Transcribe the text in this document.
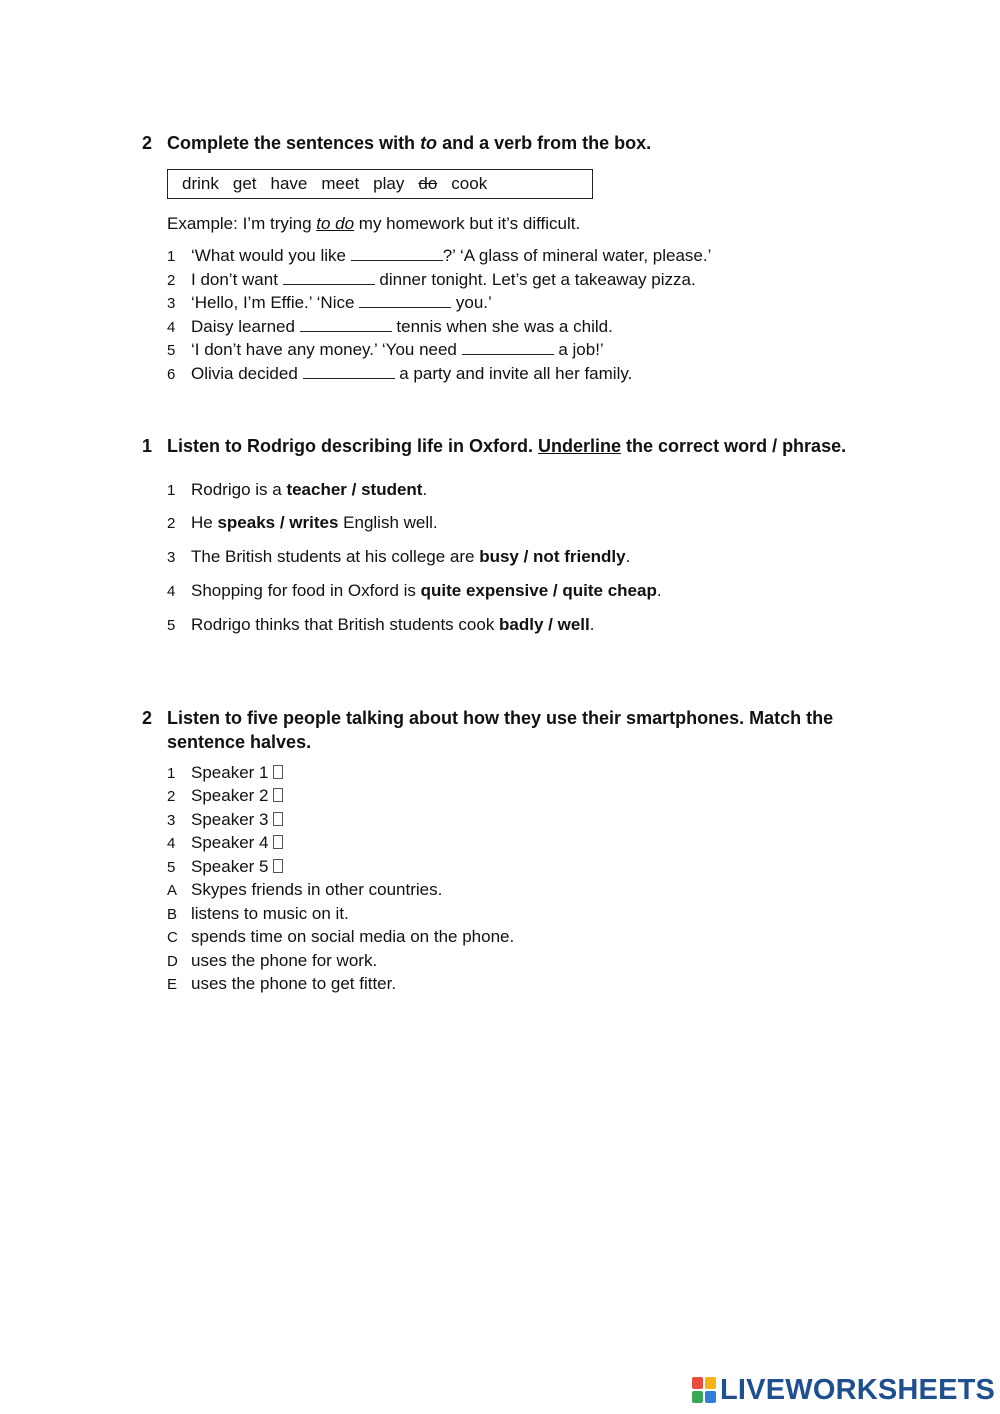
2 Complete the sentences with to and a verb from the box.
drink get have meet play do cook
Example: I’m trying to do my homework but it’s difficult.
1 ‘What would you like	?’ ‘A glass of mineral water, please.’
2 I don’t want	dinner tonight. Let’s get a takeaway pizza.
3 ‘Hello, I’m Effie.’ ‘Nice	you.’
4 Daisy learned	tennis when she was a child.
5 ‘I don’t have any money.’ ‘You need	a job!’
6 Olivia decided	a party and invite all her family.
1 Listen to Rodrigo describing life in Oxford. Underline the correct word / phrase.
1 Rodrigo is a teacher / student.
2 He speaks / writes English well.
3 The British students at his college are busy / not friendly.
4 Shopping for food in Oxford is quite expensive / quite cheap.
5 Rodrigo thinks that British students cook badly / well.
2 Listen to five people talking about how they use their smartphones. Match the
sentence halves.
1 Speaker 1
2 Speaker 2
3 Speaker 3
4 Speaker 4
5 Speaker 5
A Skypes friends in other countries.
B listens to music on it.
C spends time on social media on the phone.
D uses the phone for work.
E uses the phone to get fitter.
LIVEWORKSHEETS
